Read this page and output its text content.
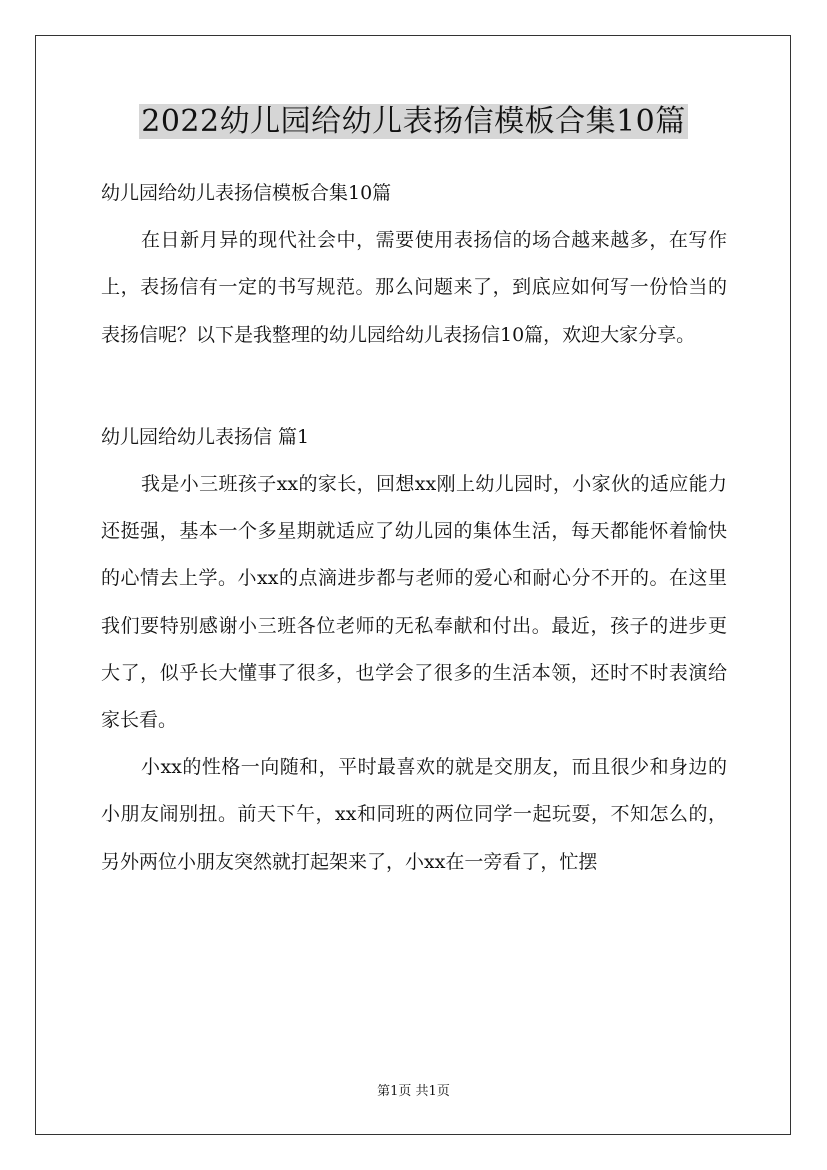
2022幼儿园给幼儿表扬信模板合集10篇

幼儿园给幼儿表扬信模板合集10篇

在日新月异的现代社会中，需要使用表扬信的场合越来越多，在写作上，表扬信有一定的书写规范。那么问题来了，到底应如何写一份恰当的表扬信呢？以下是我整理的幼儿园给幼儿表扬信10篇，欢迎大家分享。

幼儿园给幼儿表扬信 篇1

我是小三班孩子xx的家长，回想xx刚上幼儿园时，小家伙的适应能力还挺强，基本一个多星期就适应了幼儿园的集体生活，每天都能怀着愉快的心情去上学。小xx的点滴进步都与老师的爱心和耐心分不开的。在这里我们要特别感谢小三班各位老师的无私奉献和付出。最近，孩子的进步更大了，似乎长大懂事了很多，也学会了很多的生活本领，还时不时表演给家长看。

小xx的性格一向随和，平时最喜欢的就是交朋友，而且很少和身边的小朋友闹别扭。前天下午，xx和同班的两位同学一起玩耍，不知怎么的，另外两位小朋友突然就打起架来了，小xx在一旁看了，忙摆

第1页 共1页
